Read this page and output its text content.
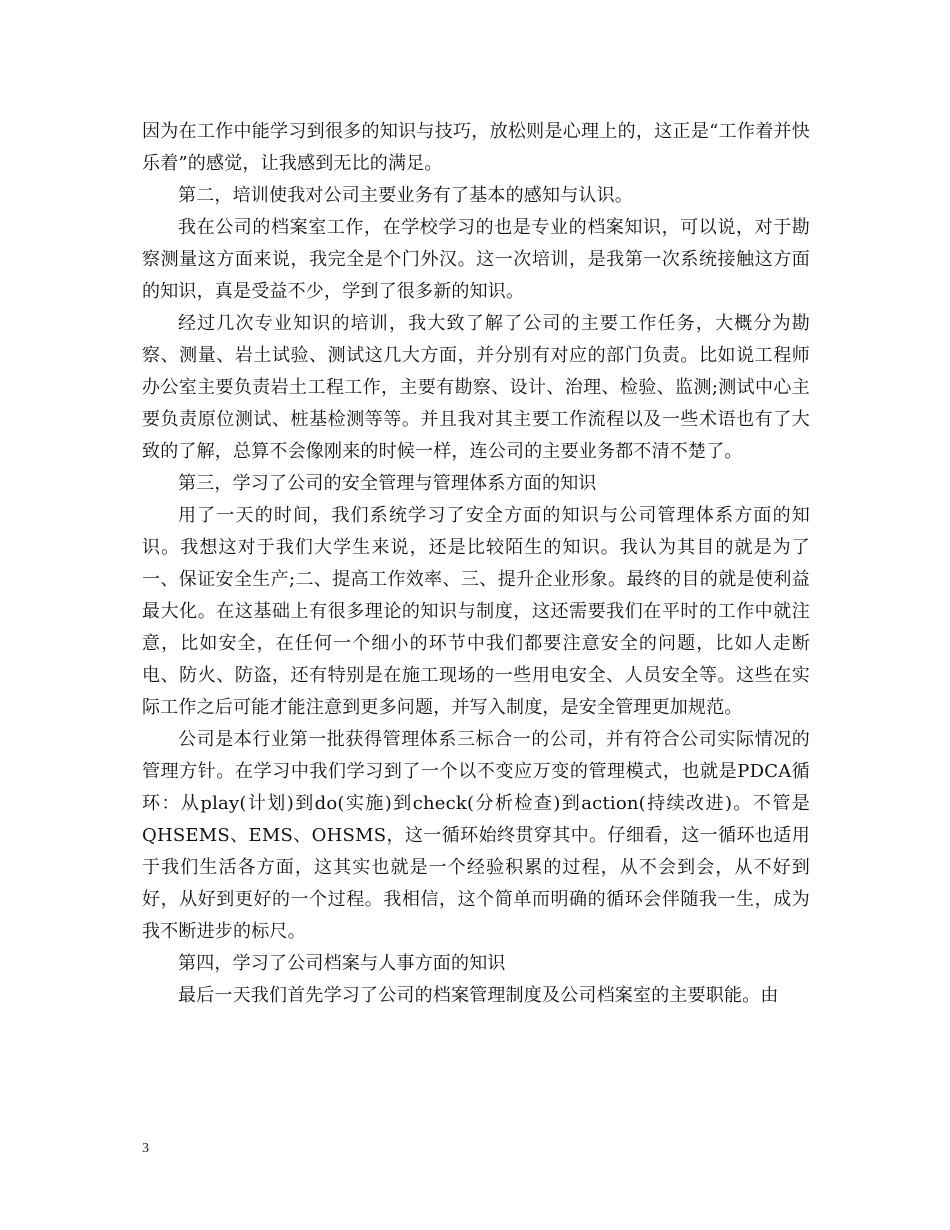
因为在工作中能学习到很多的知识与技巧，放松则是心理上的，这正是“工作着并快乐着”的感觉，让我感到无比的满足。

第二，培训使我对公司主要业务有了基本的感知与认识。

我在公司的档案室工作，在学校学习的也是专业的档案知识，可以说，对于勘察测量这方面来说，我完全是个门外汉。这一次培训，是我第一次系统接触这方面的知识，真是受益不少，学到了很多新的知识。

经过几次专业知识的培训，我大致了解了公司的主要工作任务，大概分为勘察、测量、岩土试验、测试这几大方面，并分别有对应的部门负责。比如说工程师办公室主要负责岩土工程工作，主要有勘察、设计、治理、检验、监测;测试中心主要负责原位测试、桩基检测等等。并且我对其主要工作流程以及一些术语也有了大致的了解，总算不会像刚来的时候一样，连公司的主要业务都不清不楚了。

第三，学习了公司的安全管理与管理体系方面的知识

用了一天的时间，我们系统学习了安全方面的知识与公司管理体系方面的知识。我想这对于我们大学生来说，还是比较陌生的知识。我认为其目的就是为了一、保证安全生产;二、提高工作效率、三、提升企业形象。最终的目的就是使利益最大化。在这基础上有很多理论的知识与制度，这还需要我们在平时的工作中就注意，比如安全，在任何一个细小的环节中我们都要注意安全的问题，比如人走断电、防火、防盗，还有特别是在施工现场的一些用电安全、人员安全等。这些在实际工作之后可能才能注意到更多问题，并写入制度，是安全管理更加规范。

公司是本行业第一批获得管理体系三标合一的公司，并有符合公司实际情况的管理方针。在学习中我们学习到了一个以不变应万变的管理模式，也就是PDCA循环：从play(计划)到do(实施)到check(分析检查)到action(持续改进)。不管是QHSEMS、EMS、OHSMS，这一循环始终贯穿其中。仔细看，这一循环也适用于我们生活各方面，这其实也就是一个经验积累的过程，从不会到会，从不好到好，从好到更好的一个过程。我相信，这个简单而明确的循环会伴随我一生，成为我不断进步的标尺。

第四，学习了公司档案与人事方面的知识

最后一天我们首先学习了公司的档案管理制度及公司档案室的主要职能。由

3
